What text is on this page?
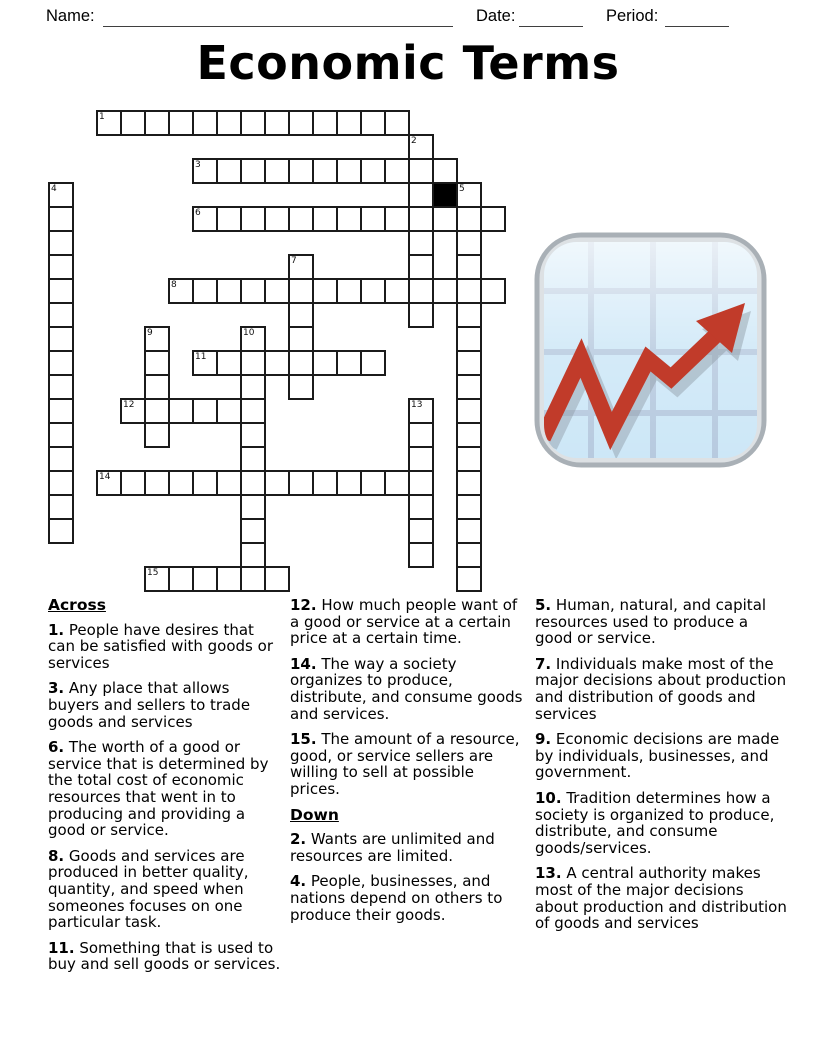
Name:	Date:	Period:
Economic Terms
1
2
3
4	5
6
7
8
9	10
11
12	13
14
15
Across

1. People have desires that can be satisfied with goods or services

3. Any place that allows buyers and sellers to trade goods and services

6. The worth of a good or service that is determined by the total cost of economic resources that went in to producing and providing a good or service.

8. Goods and services are produced in better quality, quantity, and speed when someones focuses on one particular task.

11. Something that is used to buy and sell goods or services.

12. How much people want of a good or service at a certain price at a certain time.

14. The way a society organizes to produce, distribute, and consume goods and services.

15. The amount of a resource, good, or service sellers are willing to sell at possible prices.

Down

2. Wants are unlimited and resources are limited.

4. People, businesses, and nations depend on others to produce their goods.

5. Human, natural, and capital resources used to produce a good or service.

7. Individuals make most of the major decisions about production and distribution of goods and services

9. Economic decisions are made by individuals, businesses, and government.

10. Tradition determines how a society is organized to produce, distribute, and consume goods/services.

13. A central authority makes most of the major decisions about production and distribution of goods and services
